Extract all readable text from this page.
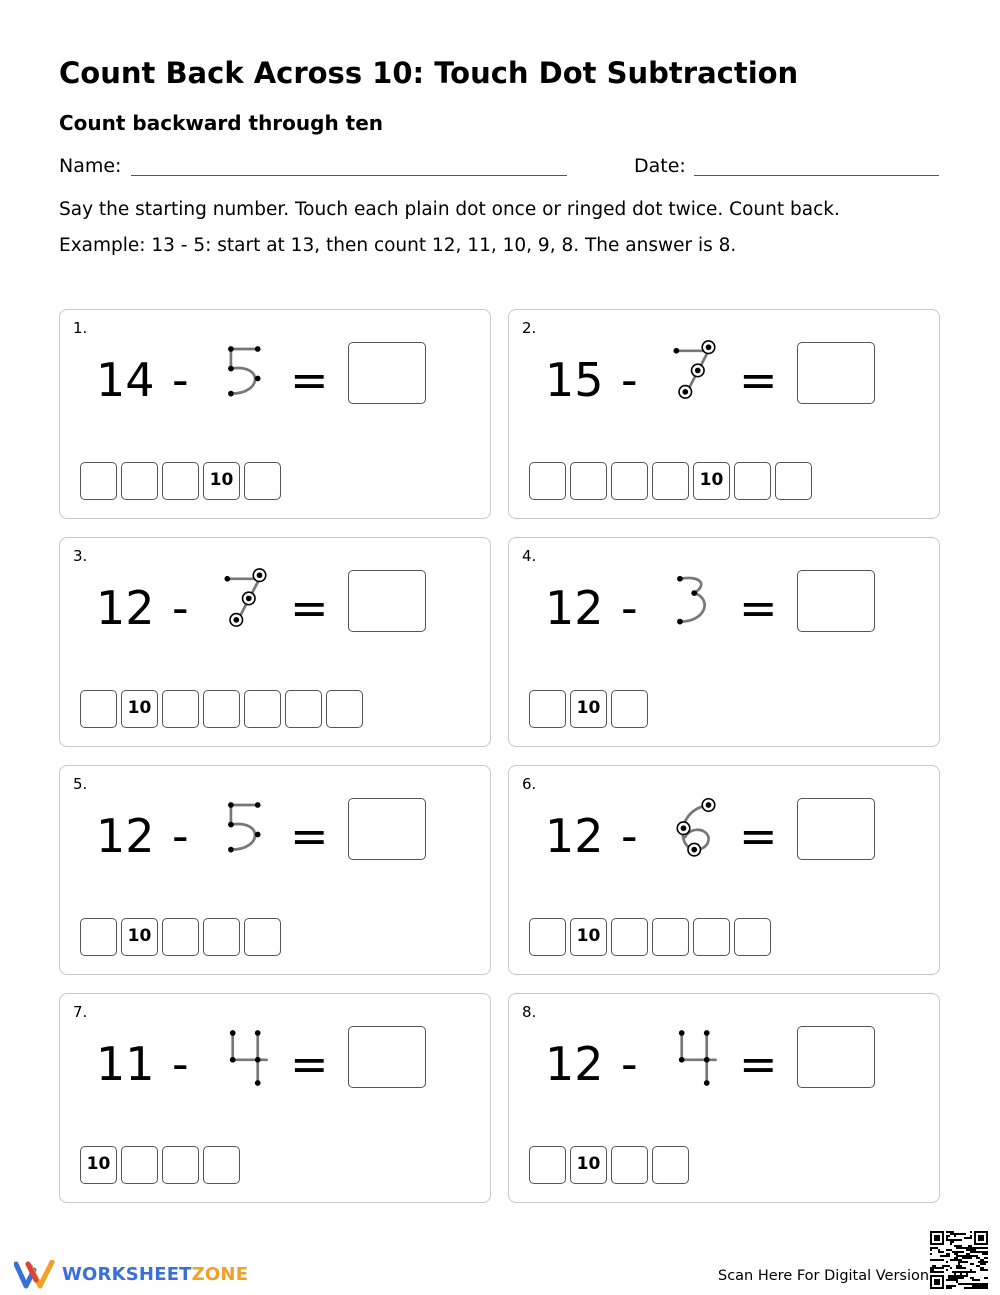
Count Back Across 10: Touch Dot Subtraction
Count backward through ten
Name:	Date:
Say the starting number. Touch each plain dot once or ringed dot twice. Count back.
Example: 13 - 5: start at 13, then count 12, 11, 10, 9, 8. The answer is 8.
1.
14 - =
10
2.
15 - =
10
3.
12 - =
10
4.
12 - =
10
5.
12 - =
10
6.
12 - =
10
7.
11 - =
10
8.
12 - =
10
WORKSHEETZONE	Scan Here For Digital Version
